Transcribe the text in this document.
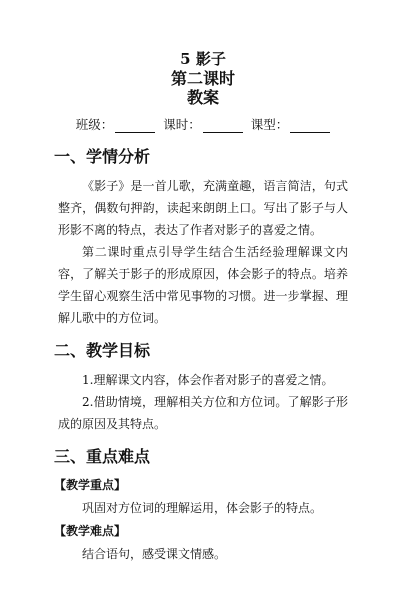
5 影子
第二课时
教案
班级：	课时：	课型：
一、学情分析

《影子》是一首儿歌，充满童趣，语言简洁，句式整齐，偶数句押韵，读起来朗朗上口。写出了影子与人形影不离的特点，表达了作者对影子的喜爱之情。

第二课时重点引导学生结合生活经验理解课文内容，了解关于影子的形成原因，体会影子的特点。培养学生留心观察生活中常见事物的习惯。进一步掌握、理解儿歌中的方位词。

二、教学目标

1.理解课文内容，体会作者对影子的喜爱之情。

2.借助情境，理解相关方位和方位词。了解影子形成的原因及其特点。

三、重点难点
【教学重点】

巩固对方位词的理解运用，体会影子的特点。

【教学难点】

结合语句，感受课文情感。
